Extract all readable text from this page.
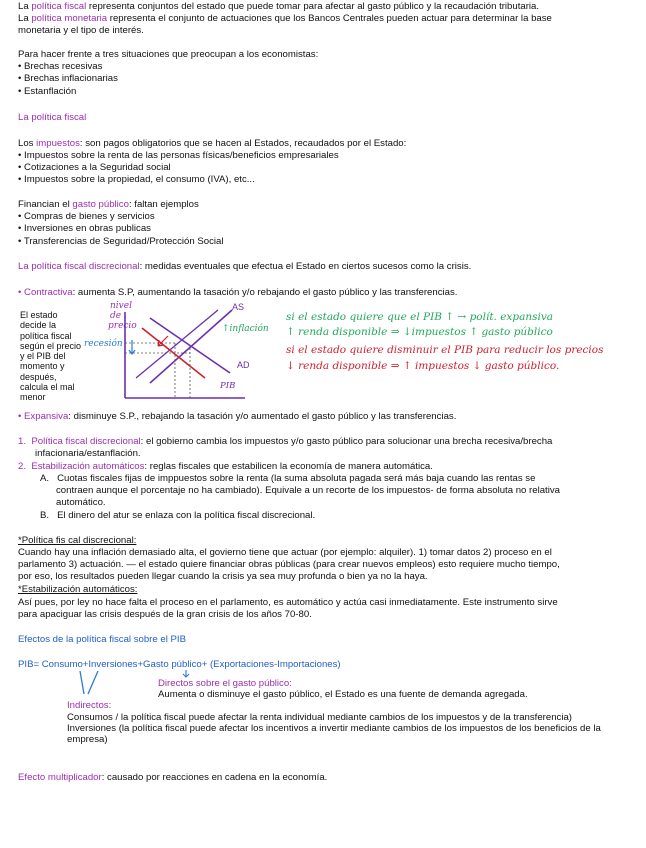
La política fiscal representa conjuntos del estado que puede tomar para afectar al gasto público y la recaudación tributaria.
La política monetaria representa el conjunto de actuaciones que los Bancos Centrales pueden actuar para determinar la base
monetaria y el tipo de interés.
Para hacer frente a tres situaciones que preocupan a los economistas:
• Brechas recesivas
• Brechas inflacionarias
• Estanflación
La política fiscal
Los impuestos: son pagos obligatorios que se hacen al Estados, recaudados por el Estado:
• Impuestos sobre la renta de las personas físicas/beneficios empresariales
• Cotizaciones a la Seguridad social
• Impuestos sobre la propiedad, el consumo (IVA), etc...
Financian el gasto público: faltan ejemplos
• Compras de bienes y servicios
• Inversiones en obras publicas
• Transferencias de Seguridad/Protección Social
La política fiscal discrecional: medidas eventuales que efectua el Estado en ciertos sucesos como la crisis.
• Contractiva: aumenta S.P, aumentando la tasación y/o rebajando el gasto público y las transferencias.
El estado decide la política fiscal según el precio y el PIB del momento y después, calcula el mal menor
nivel
de
precio
recesión
AS
AD
PIB
↑inflación
si el estado quiere que el PIB ↑ → polít. expansiva
↑ renda disponible ⇒ ↓impuestos ↑ gasto público
si el estado quiere disminuir el PIB para reducir los precios
↓ renda disponible ⇒ ↑ impuestos ↓ gasto público.
• Expansiva: disminuye S.P., rebajando la tasación y/o aumentado el gasto público y las transferencias.
1. Política fiscal discrecional: el gobierno cambia los impuestos y/o gasto público para solucionar una brecha recesiva/brecha
infacionaria/estanflación.
2. Estabilización automáticos: reglas fiscales que estabilicen la economía de manera automática.
A. Cuotas fiscales fijas de imppuestos sobre la renta (la suma absoluta pagada será más baja cuando las rentas se
contraen aunque el porcentaje no ha cambiado). Equivale a un recorte de los impuestos- de forma absoluta no relativa
automático.
B. El dinero del atur se enlaza con la política fiscal discrecional.
*Política fis cal discrecional:
Cuando hay una inflación demasiado alta, el govierno tiene que actuar (por ejemplo: alquiler). 1) tomar datos 2) proceso en el
parlamento 3) actuación. — el estado quiere financiar obras públicas (para crear nuevos empleos) esto requiere mucho tiempo,
por eso, los resultados pueden llegar cuando la crisis ya sea muy profunda o bien ya no la haya.
*Estabilización automáticos:
Así pues, por ley no hace falta el proceso en el parlamento, es automático y actúa casi inmediatamente. Este instrumento sirve
para apaciguar las crisis después de la gran crisis de los años 70-80.
Efectos de la política fiscal sobre el PIB
PIB= Consumo+Inversiones+Gasto público+ (Exportaciones-Importaciones)
Directos sobre el gasto público:
Aumenta o disminuye el gasto público, el Estado es una fuente de demanda agregada.
Indirectos:
Consumos / la política fiscal puede afectar la renta individual mediante cambios de los impuestos y de la transferencia)
Inversiones (la política fiscal puede afectar los incentivos a invertir mediante cambios de los impuestos de los beneficios de la
empresa)
Efecto multiplicador: causado por reacciones en cadena en la economía.
